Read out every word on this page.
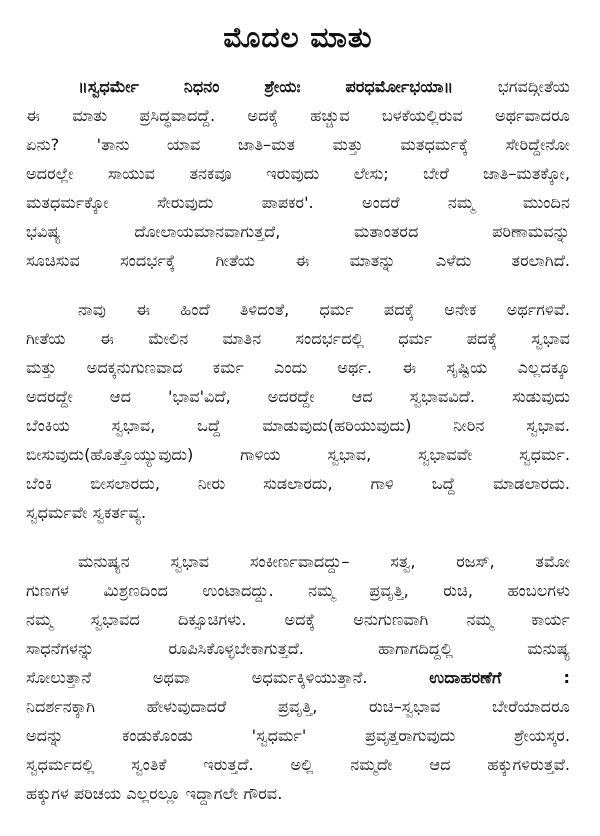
ಮೊದಲ ಮಾತು
॥ಸ್ವಧರ್ಮೇ ನಿಧನಂ ಶ್ರೇಯಃ ಪರಧರ್ಮೋಭಯಾ॥ ಭಗವದ್ಗೀತೆಯ
ಈ ಮಾತು ಪ್ರಸಿದ್ಧವಾದದ್ದೆ. ಅದಕ್ಕೆ ಹಚ್ಚುವ ಬಳಕೆಯಲ್ಲಿರುವ ಅರ್ಥವಾದರೂ
ಏನು? 'ತಾನು ಯಾವ ಜಾತಿ–ಮತ ಮತ್ತು ಮತಧರ್ಮಕ್ಕೆ ಸೇರಿದ್ದೇನೋ
ಅದರಲ್ಲೇ ಸಾಯುವ ತನಕವೂ ಇರುವುದು ಲೇಸು; ಬೇರೆ ಜಾತಿ–ಮತಕ್ಕೋ,
ಮತಧರ್ಮಕ್ಕೋ ಸೇರುವುದು ಪಾಪಕರ'. ಅಂದರೆ ನಮ್ಮ ಮುಂದಿನ
ಭವಿಷ್ಯ ದೋಲಾಯಮಾನವಾಗುತ್ತದೆ, ಮತಾಂತರದ ಪರಿಣಾಮವನ್ನು
ಸೂಚಿಸುವ ಸಂದರ್ಭಕ್ಕೆ ಗೀತೆಯ ಈ ಮಾತನ್ನು ಎಳೆದು ತರಲಾಗಿದೆ.
ನಾವು ಈ ಹಿಂದೆ ತಿಳಿದಂತೆ, ಧರ್ಮ ಪದಕ್ಕೆ ಅನೇಕ ಅರ್ಥಗಳಿವೆ.
ಗೀತೆಯ ಈ ಮೇಲಿನ ಮಾತಿನ ಸಂದರ್ಭದಲ್ಲಿ ಧರ್ಮ ಪದಕ್ಕೆ ಸ್ವಭಾವ
ಮತ್ತು ಅದಕ್ಕನುಗುಣವಾದ ಕರ್ಮ ಎಂದು ಅರ್ಥ. ಈ ಸೃಷ್ಟಿಯ ಎಲ್ಲದಕ್ಕೂ
ಅದರದ್ದೇ ಆದ 'ಭಾವ'ವಿದೆ, ಅದರದ್ದೇ ಆದ ಸ್ವಭಾವವಿದೆ. ಸುಡುವುದು
ಬೆಂಕಿಯ ಸ್ವಭಾವ, ಒದ್ದೆ ಮಾಡುವುದು(ಹರಿಯುವುದು) ನೀರಿನ ಸ್ವಭಾವ.
ಬೀಸುವುದು(ಹೊತ್ತೊಯ್ಯುವುದು) ಗಾಳಿಯ ಸ್ವಭಾವ, ಸ್ವಭಾವವೇ ಸ್ವಧರ್ಮ.
ಬೆಂಕಿ ಬೀಸಲಾರದು, ನೀರು ಸುಡಲಾರದು, ಗಾಳಿ ಒದ್ದೆ ಮಾಡಲಾರದು.
ಸ್ವಧರ್ಮವೇ ಸ್ವಕರ್ತವ್ಯ.
ಮನುಷ್ಯನ ಸ್ವಭಾವ ಸಂಕೀರ್ಣವಾದದ್ದು– ಸತ್ವ, ರಜಸ್, ತಮೋ
ಗುಣಗಳ ಮಿಶ್ರಣದಿಂದ ಉಂಟಾದದ್ದು. ನಮ್ಮ ಪ್ರವೃತ್ತಿ, ರುಚಿ, ಹಂಬಲಗಳು
ನಮ್ಮ ಸ್ವಭಾವದ ದಿಕ್ಸೂಚಿಗಳು. ಅದಕ್ಕೆ ಅನುಗುಣವಾಗಿ ನಮ್ಮ ಕಾರ್ಯ
ಸಾಧನೆಗಳನ್ನು ರೂಪಿಸಿಕೊಳ್ಳಬೇಕಾಗುತ್ತದೆ. ಹಾಗಾಗದಿದ್ದಲ್ಲಿ ಮನುಷ್ಯ
ಸೋಲುತ್ತಾನೆ ಅಥವಾ ಅಧರ್ಮಕ್ಕಿಳಿಯುತ್ತಾನೆ. ಉದಾಹರಣೆಗೆ :
ನಿದರ್ಶನಕ್ಕಾಗಿ ಹೇಳುವುದಾದರೆ ಪ್ರವೃತ್ತಿ, ರುಚಿ–ಸ್ವಭಾವ ಬೇರೆಯಾದರೂ
ಅದನ್ನು ಕಂಡುಕೊಂಡು 'ಸ್ವಧರ್ಮ' ಪ್ರವೃತ್ತರಾಗುವುದು ಶ್ರೇಯಸ್ಕರ.
ಸ್ವಧರ್ಮದಲ್ಲಿ ಸ್ವಂತಿಕೆ ಇರುತ್ತದೆ. ಅಲ್ಲಿ ನಮ್ಮದೇ ಆದ ಹಕ್ಕುಗಳಿರುತ್ತವೆ.
ಹಕ್ಕುಗಳ ಪರಿಚಯ ಎಲ್ಲರಲ್ಲೂ ಇದ್ದಾಗಲೇ ಗೌರವ.
